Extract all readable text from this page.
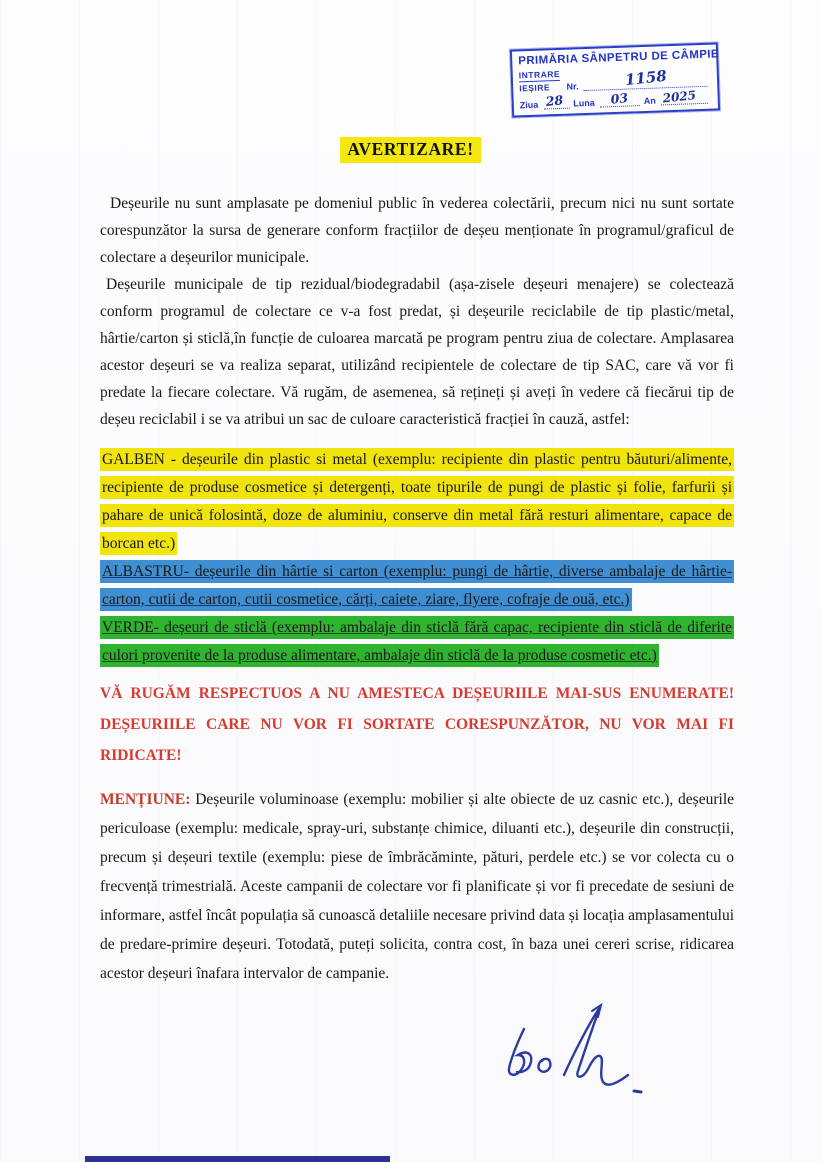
PRIMĂRIA SÂNPETRU DE CÂMPIE
INTRARE
IEȘIRE	Nr.	1158
Ziua 28 Luna 03 An 2025
AVERTIZARE!

Deșeurile nu sunt amplasate pe domeniul public în vederea colectării, precum nici nu sunt sortate corespunzător la sursa de generare conform fracțiilor de deșeu menționate în programul/graficul de colectare a deșeurilor municipale.

Deșeurile municipale de tip rezidual/biodegradabil (așa-zisele deșeuri menajere) se colectează conform programul de colectare ce v-a fost predat, și deșeurile reciclabile de tip plastic/metal, hârtie/carton și sticlă,în funcție de culoarea marcată pe program pentru ziua de colectare. Amplasarea acestor deșeuri se va realiza separat, utilizând recipientele de colectare de tip SAC, care vă vor fi predate la fiecare colectare. Vă rugăm, de asemenea, să rețineți și aveți în vedere că fiecărui tip de deșeu reciclabil i se va atribui un sac de culoare caracteristică fracției în cauză, astfel:

GALBEN - deșeurile din plastic si metal (exemplu: recipiente din plastic pentru băuturi/alimente, recipiente de produse cosmetice și detergenți, toate tipurile de pungi de plastic și folie, farfurii și pahare de unică folosintă, doze de aluminiu, conserve din metal fără resturi alimentare, capace de borcan etc.)

ALBASTRU- deșeurile din hârtie si carton (exemplu: pungi de hârtie, diverse ambalaje de hârtie-carton, cutii de carton, cutii cosmetice, cărți, caiete, ziare, flyere, cofraje de ouă, etc.)

VERDE- deșeuri de sticlă (exemplu: ambalaje din sticlă fără capac, recipiente din sticlă de diferite culori provenite de la produse alimentare, ambalaje din sticlă de la produse cosmetic etc.)

VĂ RUGĂM RESPECTUOS A NU AMESTECA DEȘEURIILE MAI-SUS ENUMERATE! DEȘEURIILE CARE NU VOR FI SORTATE CORESPUNZĂTOR, NU VOR MAI FI RIDICATE!

MENȚIUNE: Deșeurile voluminoase (exemplu: mobilier și alte obiecte de uz casnic etc.), deșeurile periculoase (exemplu: medicale, spray-uri, substanțe chimice, diluanti etc.), deșeurile din construcții, precum și deșeuri textile (exemplu: piese de îmbrăcăminte, pături, perdele etc.) se vor colecta cu o frecvență trimestrială. Aceste campanii de colectare vor fi planificate și vor fi precedate de sesiuni de informare, astfel încât populația să cunoască detaliile necesare privind data și locația amplasamentului de predare-primire deșeuri. Totodată, puteți solicita, contra cost, în baza unei cereri scrise, ridicarea acestor deșeuri înafara intervalor de campanie.
